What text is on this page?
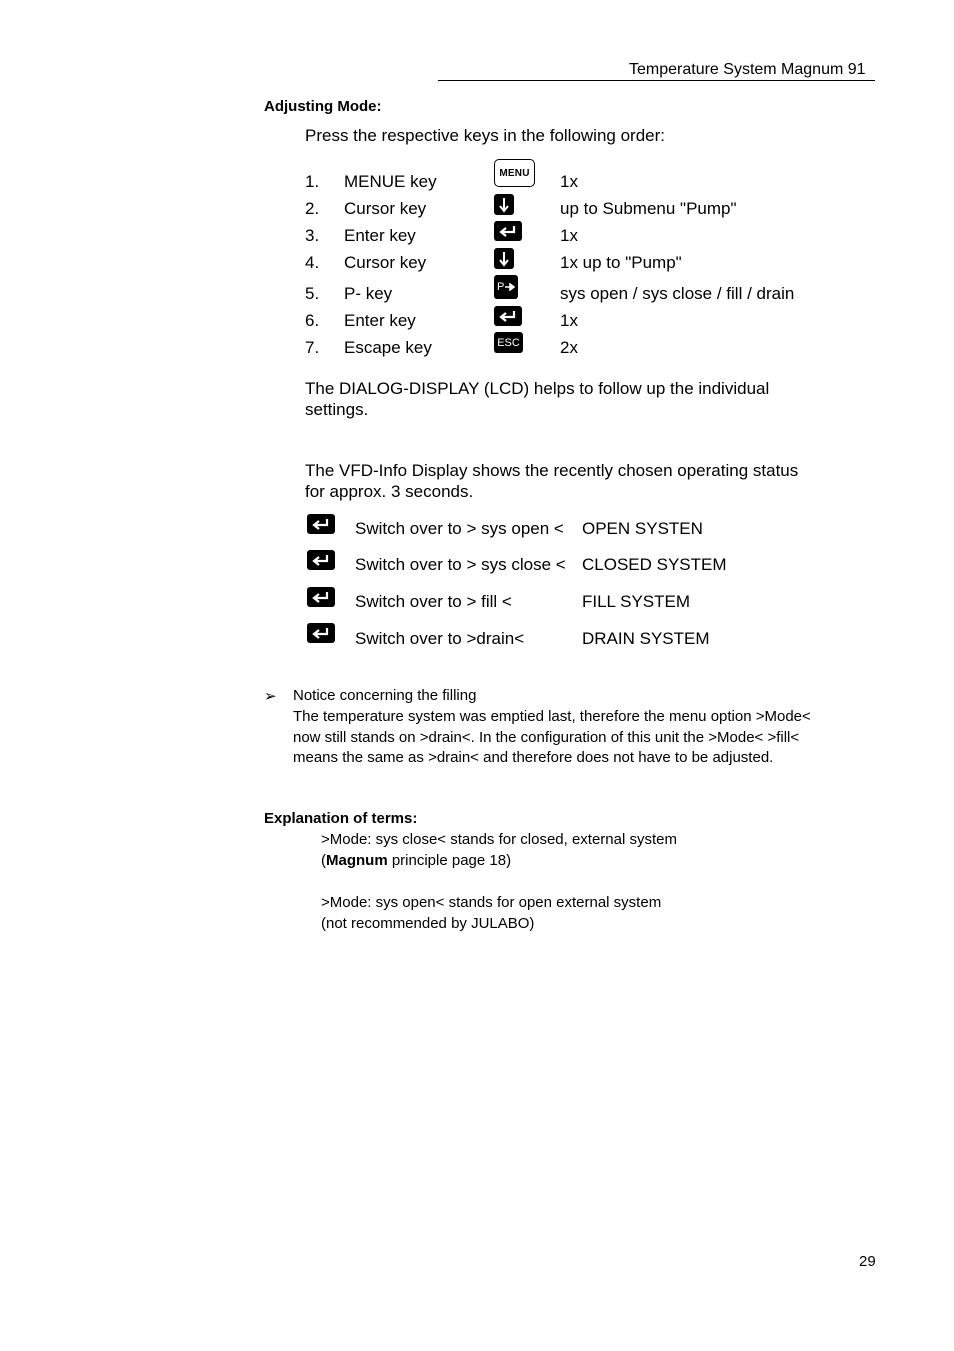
Temperature System Magnum 91
Adjusting Mode:
Press the respective keys in the following order:
1. MENUE key	MENU 1x
2. Cursor key	up to Submenu "Pump"
3. Enter key	1x
4. Cursor key	1x up to "Pump"
5. P- key	P	sys open / sys close / fill / drain
6. Enter key	1x
7. Escape key	ESC 2x
The DIALOG-DISPLAY (LCD) helps to follow up the individual
settings.
The VFD-Info Display shows the recently chosen operating status
for approx. 3 seconds.
Switch over to > sys open < OPEN SYSTEN
Switch over to > sys close < CLOSED SYSTEM
Switch over to > fill <	FILL SYSTEM
Switch over to >drain<	DRAIN SYSTEM
➢ Notice concerning the filling
The temperature system was emptied last, therefore the menu option >Mode<
now still stands on >drain<. In the configuration of this unit the >Mode< >fill<
means the same as >drain< and therefore does not have to be adjusted.
Explanation of terms:
>Mode: sys close< stands for closed, external system
(Magnum principle page 18)
>Mode: sys open< stands for open external system
(not recommended by JULABO)
29
